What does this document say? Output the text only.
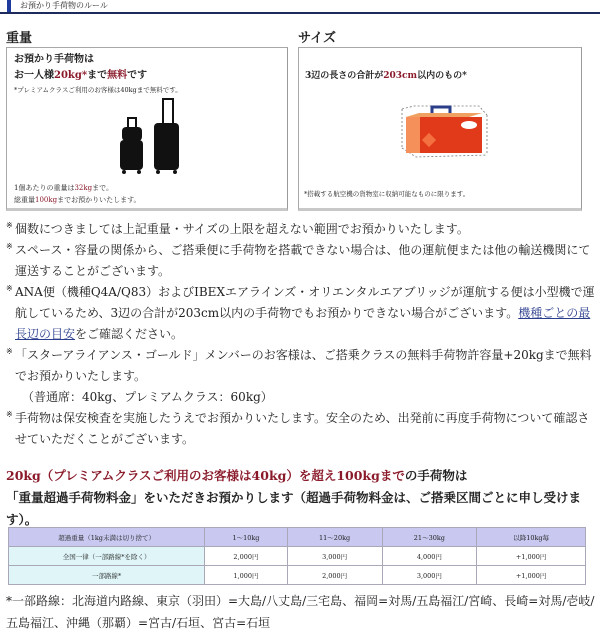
お預かり手荷物のルール
重量	サイズ
お預かり手荷物は
お一人様20kg*まで無料です
*プレミアムクラスご利用のお客様は40kgまで無料です。
1個あたりの重量は32kgまで。
総重量100kgまでお預かりいたします。
3辺の長さの合計が203cm以内のもの*
*搭載する航空機の貨物室に収納可能なものに限ります。
※ 個数につきましては上記重量・サイズの上限を超えない範囲でお預かりいたします。
※ スペース・容量の関係から、ご搭乗便に手荷物を搭載できない場合は、他の運航便または他の輸送機関にて運送することがございます。
※ ANA便（機種Q4A/Q83）およびIBEXエアラインズ・オリエンタルエアブリッジが運航する便は小型機で運航しているため、3辺の合計が203cm以内の手荷物でもお預かりできない場合がございます。機種ごとの最長辺の目安をご確認ください。
※ 「スターアライアンス・ゴールド」メンバーのお客様は、ご搭乗クラスの無料手荷物許容量+20kgまで無料でお預かりいたします。
（普通席：40kg、プレミアムクラス：60kg）
※ 手荷物は保安検査を実施したうえでお預かりいたします。安全のため、出発前に再度手荷物について確認させていただくことがございます。
20kg（プレミアムクラスご利用のお客様は40kg）を超え100kgまでの手荷物は
「重量超過手荷物料金」をいただきお預かりします（超過手荷物料金は、ご搭乗区間ごとに申し受けます）。
超過重量（1kg未満は切り捨て）	1～10kg	11～20kg	21～30kg	以降10kg毎
全国一律（一部路線*を除く）	2,000円	3,000円	4,000円	+1,000円
一部路線*	1,000円	2,000円	3,000円	+1,000円
*一部路線：北海道内路線、東京（羽田）=大島/八丈島/三宅島、福岡=対馬/五島福江/宮崎、長崎=対馬/壱岐/五島福江、沖縄（那覇）=宮古/石垣、宮古=石垣
